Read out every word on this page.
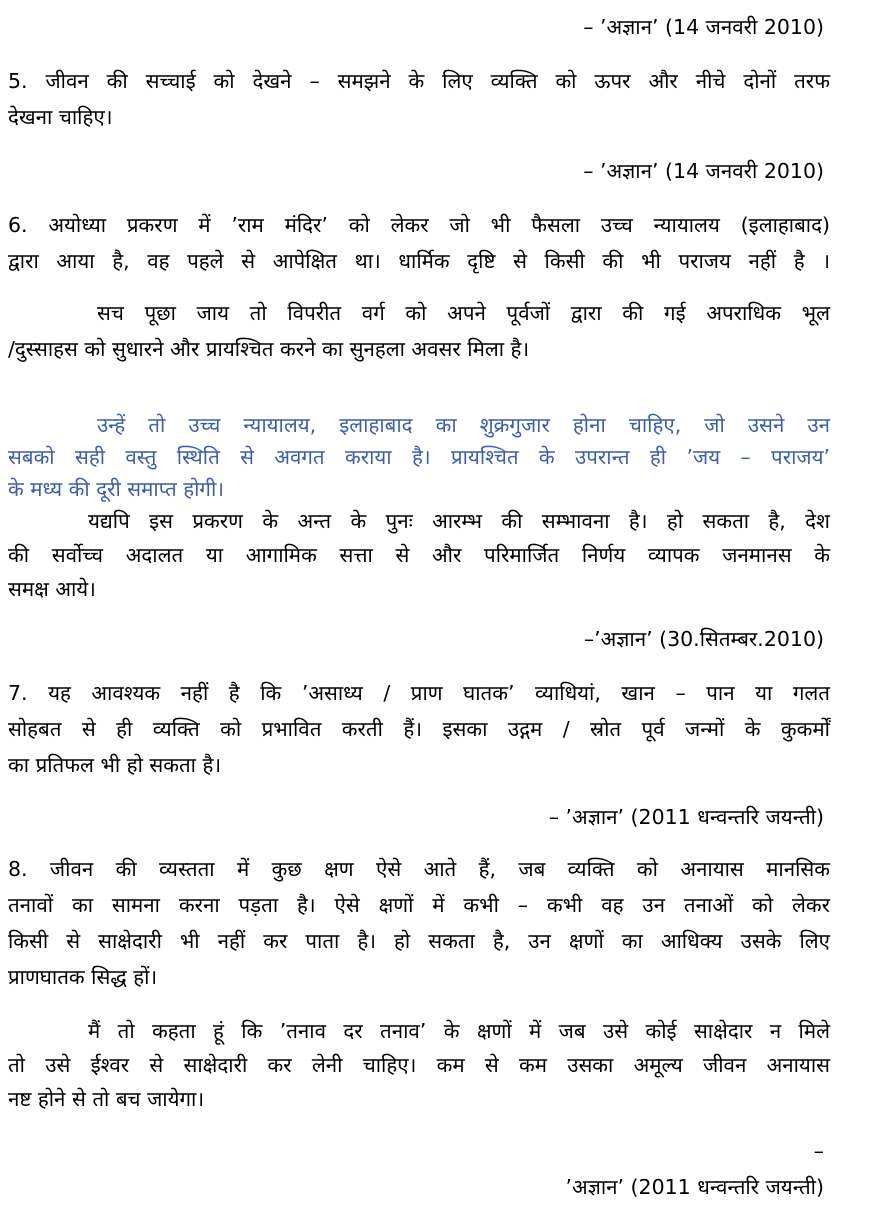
– ’अज्ञान’ (14 जनवरी 2010)
5. जीवन की सच्चाई को देखने – समझने के लिए व्यक्ति को ऊपर और नीचे दोनों तरफ
देखना चाहिए।
– ’अज्ञान’ (14 जनवरी 2010)
6. अयोध्या प्रकरण में ’राम मंदिर’ को लेकर जो भी फैसला उच्च न्यायालय (इलाहाबाद)
द्वारा आया है, वह पहले से आपेक्षित था। धार्मिक दृष्टि से किसी की भी पराजय नहीं है ।
सच पूछा जाय तो विपरीत वर्ग को अपने पूर्वजों द्वारा की गई अपराधिक भूल
/दुस्साहस को सुधारने और प्रायश्चित करने का सुनहला अवसर मिला है।
उन्हें तो उच्च न्यायालय, इलाहाबाद का शुक्रगुजार होना चाहिए, जो उसने उन
सबको सही वस्तु स्थिति से अवगत कराया है। प्रायश्चित के उपरान्त ही ’जय – पराजय’
के मध्य की दूरी समाप्त होगी।
यद्यपि इस प्रकरण के अन्त के पुनः आरम्भ की सम्भावना है। हो सकता है, देश
की सर्वोच्च अदालत या आगामिक सत्ता से और परिमार्जित निर्णय व्यापक जनमानस के
समक्ष आये।
–’अज्ञान’ (30.सितम्बर.2010)
7. यह आवश्यक नहीं है कि ’असाध्य / प्राण घातक’ व्याधियां, खान – पान या गलत
सोहबत से ही व्यक्ति को प्रभावित करती हैं। इसका उद्गम / स्रोत पूर्व जन्मों के कुकर्मों
का प्रतिफल भी हो सकता है।
– ’अज्ञान’ (2011 धन्वन्तरि जयन्ती)
8. जीवन की व्यस्तता में कुछ क्षण ऐसे आते हैं, जब व्यक्ति को अनायास मानसिक
तनावों का सामना करना पड़ता है। ऐसे क्षणों में कभी – कभी वह उन तनाओं को लेकर
किसी से साक्षेदारी भी नहीं कर पाता है। हो सकता है, उन क्षणों का आधिक्य उसके लिए
प्राणघातक सिद्ध हों।
मैं तो कहता हूं कि ’तनाव दर तनाव’ के क्षणों में जब उसे कोई साक्षेदार न मिले
तो उसे ईश्वर से साक्षेदारी कर लेनी चाहिए। कम से कम उसका अमूल्य जीवन अनायास
नष्ट होने से तो बच जायेगा।
–
’अज्ञान’ (2011 धन्वन्तरि जयन्ती)
